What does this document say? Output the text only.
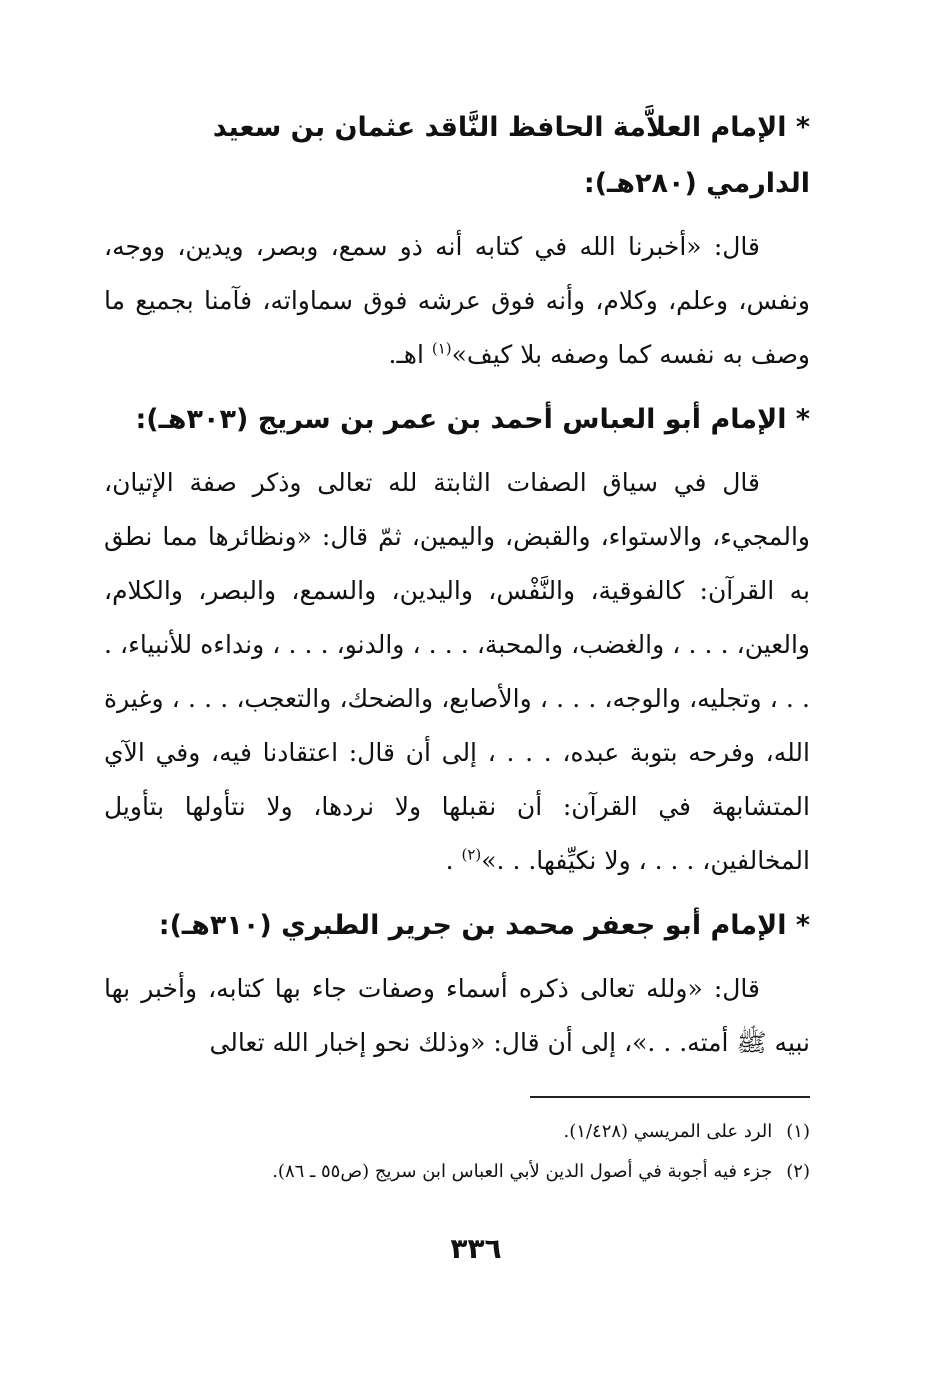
* الإمام العلاَّمة الحافظ النَّاقد عثمان بن سعيد الدارمي (٢٨٠هـ):

قال: «أخبرنا الله في كتابه أنه ذو سمع، وبصر، ويدين، ووجه، ونفس، وعلم، وكلام، وأنه فوق عرشه فوق سماواته، فآمنا بجميع ما وصف به نفسه كما وصفه بلا كيف»$^{(١)}$ اهـ.

* الإمام أبو العباس أحمد بن عمر بن سريج (٣٠٣هـ):

قال في سياق الصفات الثابتة لله تعالى وذكر صفة الإتيان، والمجيء، والاستواء، والقبض، واليمين، ثمّ قال: «ونظائرها مما نطق به القرآن: كالفوقية، والنَّفْس، واليدين، والسمع، والبصر، والكلام، والعين، . . . ، والغضب، والمحبة، . . . ، والدنو، . . . ، ونداءه للأنبياء، . . . ، وتجليه، والوجه، . . . ، والأصابع، والضحك، والتعجب، . . . ، وغيرة الله، وفرحه بتوبة عبده، . . . ، إلى أن قال: اعتقادنا فيه، وفي الآي المتشابهة في القرآن: أن نقبلها ولا نردها، ولا نتأولها بتأويل المخالفين، . . . ، ولا نكيِّفها. . .»$^{(٢)}$ .

* الإمام أبو جعفر محمد بن جرير الطبري (٣١٠هـ):

قال: «ولله تعالى ذكره أسماء وصفات جاء بها كتابه، وأخبر بها نبيه ﷺ أمته. . .»، إلى أن قال: «وذلك نحو إخبار الله تعالى

(١)الرد على المريسي (١/٤٢٨).

(٢)جزء فيه أجوبة في أصول الدين لأبي العباس ابن سريج (ص٥٥ ـ ٨٦).

٣٣٦
